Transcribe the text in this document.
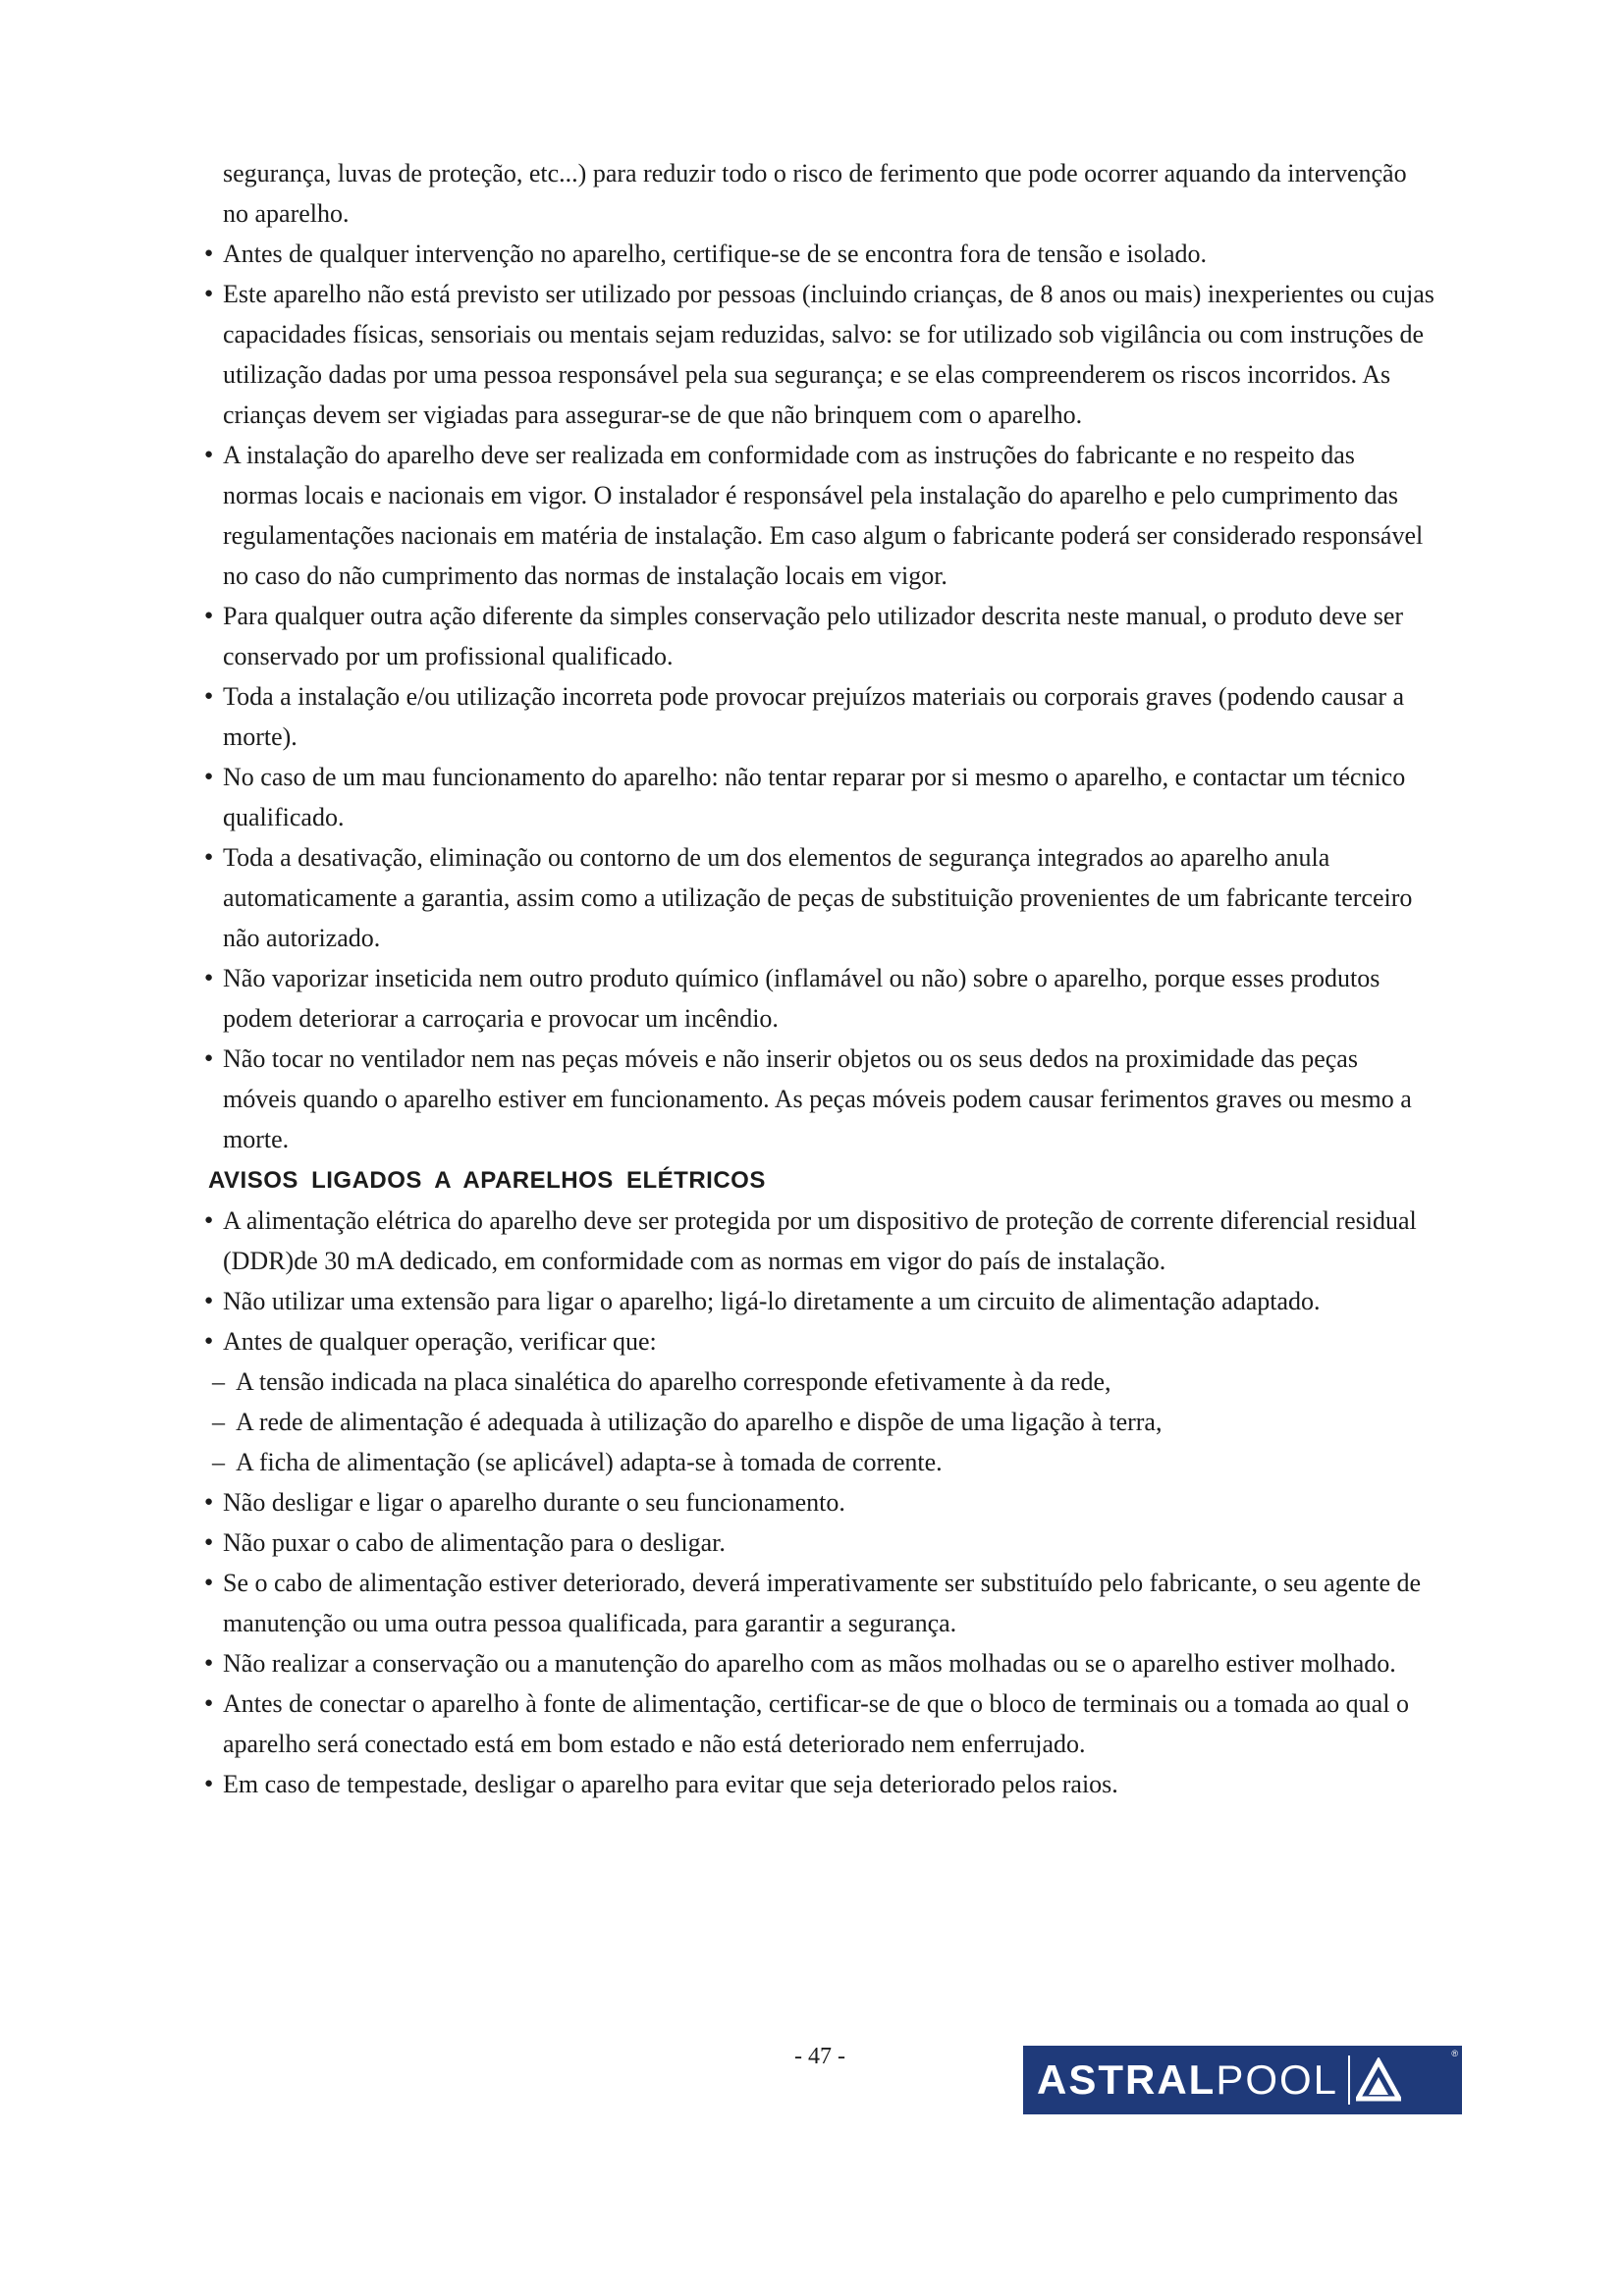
segurança, luvas de proteção, etc...) para reduzir todo o risco de ferimento que pode ocorrer aquando da intervenção no aparelho.

● Antes de qualquer intervenção no aparelho, certifique-se de se encontra fora de tensão e isolado.

● Este aparelho não está previsto ser utilizado por pessoas (incluindo crianças, de 8 anos ou mais) inexperientes ou cujas capacidades físicas, sensoriais ou mentais sejam reduzidas, salvo: se for utilizado sob vigilância ou com instruções de utilização dadas por uma pessoa responsável pela sua segurança; e se elas compreenderem os riscos incorridos. As crianças devem ser vigiadas para assegurar-se de que não brinquem com o aparelho.

● A instalação do aparelho deve ser realizada em conformidade com as instruções do fabricante e no respeito das normas locais e nacionais em vigor. O instalador é responsável pela instalação do aparelho e pelo cumprimento das regulamentações nacionais em matéria de instalação. Em caso algum o fabricante poderá ser considerado responsável no caso do não cumprimento das normas de instalação locais em vigor.

● Para qualquer outra ação diferente da simples conservação pelo utilizador descrita neste manual, o produto deve ser conservado por um profissional qualificado.

● Toda a instalação e/ou utilização incorreta pode provocar prejuízos materiais ou corporais graves (podendo causar a morte).

● No caso de um mau funcionamento do aparelho: não tentar reparar por si mesmo o aparelho, e contactar um técnico qualificado.

● Toda a desativação, eliminação ou contorno de um dos elementos de segurança integrados ao aparelho anula automaticamente a garantia, assim como a utilização de peças de substituição provenientes de um fabricante terceiro não autorizado.

● Não vaporizar inseticida nem outro produto químico (inflamável ou não) sobre o aparelho, porque esses produtos podem deteriorar a carroçaria e provocar um incêndio.

● Não tocar no ventilador nem nas peças móveis e não inserir objetos ou os seus dedos na proximidade das peças móveis quando o aparelho estiver em funcionamento. As peças móveis podem causar ferimentos graves ou mesmo a morte.

AVISOS LIGADOS A APARELHOS ELÉTRICOS

● A alimentação elétrica do aparelho deve ser protegida por um dispositivo de proteção de corrente diferencial residual (DDR)de 30 mA dedicado, em conformidade com as normas em vigor do país de instalação.

● Não utilizar uma extensão para ligar o aparelho; ligá-lo diretamente a um circuito de alimentação adaptado.

● Antes de qualquer operação, verificar que:

– A tensão indicada na placa sinalética do aparelho corresponde efetivamente à da rede,

– A rede de alimentação é adequada à utilização do aparelho e dispõe de uma ligação à terra,

– A ficha de alimentação (se aplicável) adapta-se à tomada de corrente.

● Não desligar e ligar o aparelho durante o seu funcionamento.

● Não puxar o cabo de alimentação para o desligar.

● Se o cabo de alimentação estiver deteriorado, deverá imperativamente ser substituído pelo fabricante, o seu agente de manutenção ou uma outra pessoa qualificada, para garantir a segurança.

● Não realizar a conservação ou a manutenção do aparelho com as mãos molhadas ou se o aparelho estiver molhado.

● Antes de conectar o aparelho à fonte de alimentação, certificar-se de que o bloco de terminais ou a tomada ao qual o aparelho será conectado está em bom estado e não está deteriorado nem enferrujado.

● Em caso de tempestade, desligar o aparelho para evitar que seja deteriorado pelos raios.

- 47 -	ASTRALPOOL
®
